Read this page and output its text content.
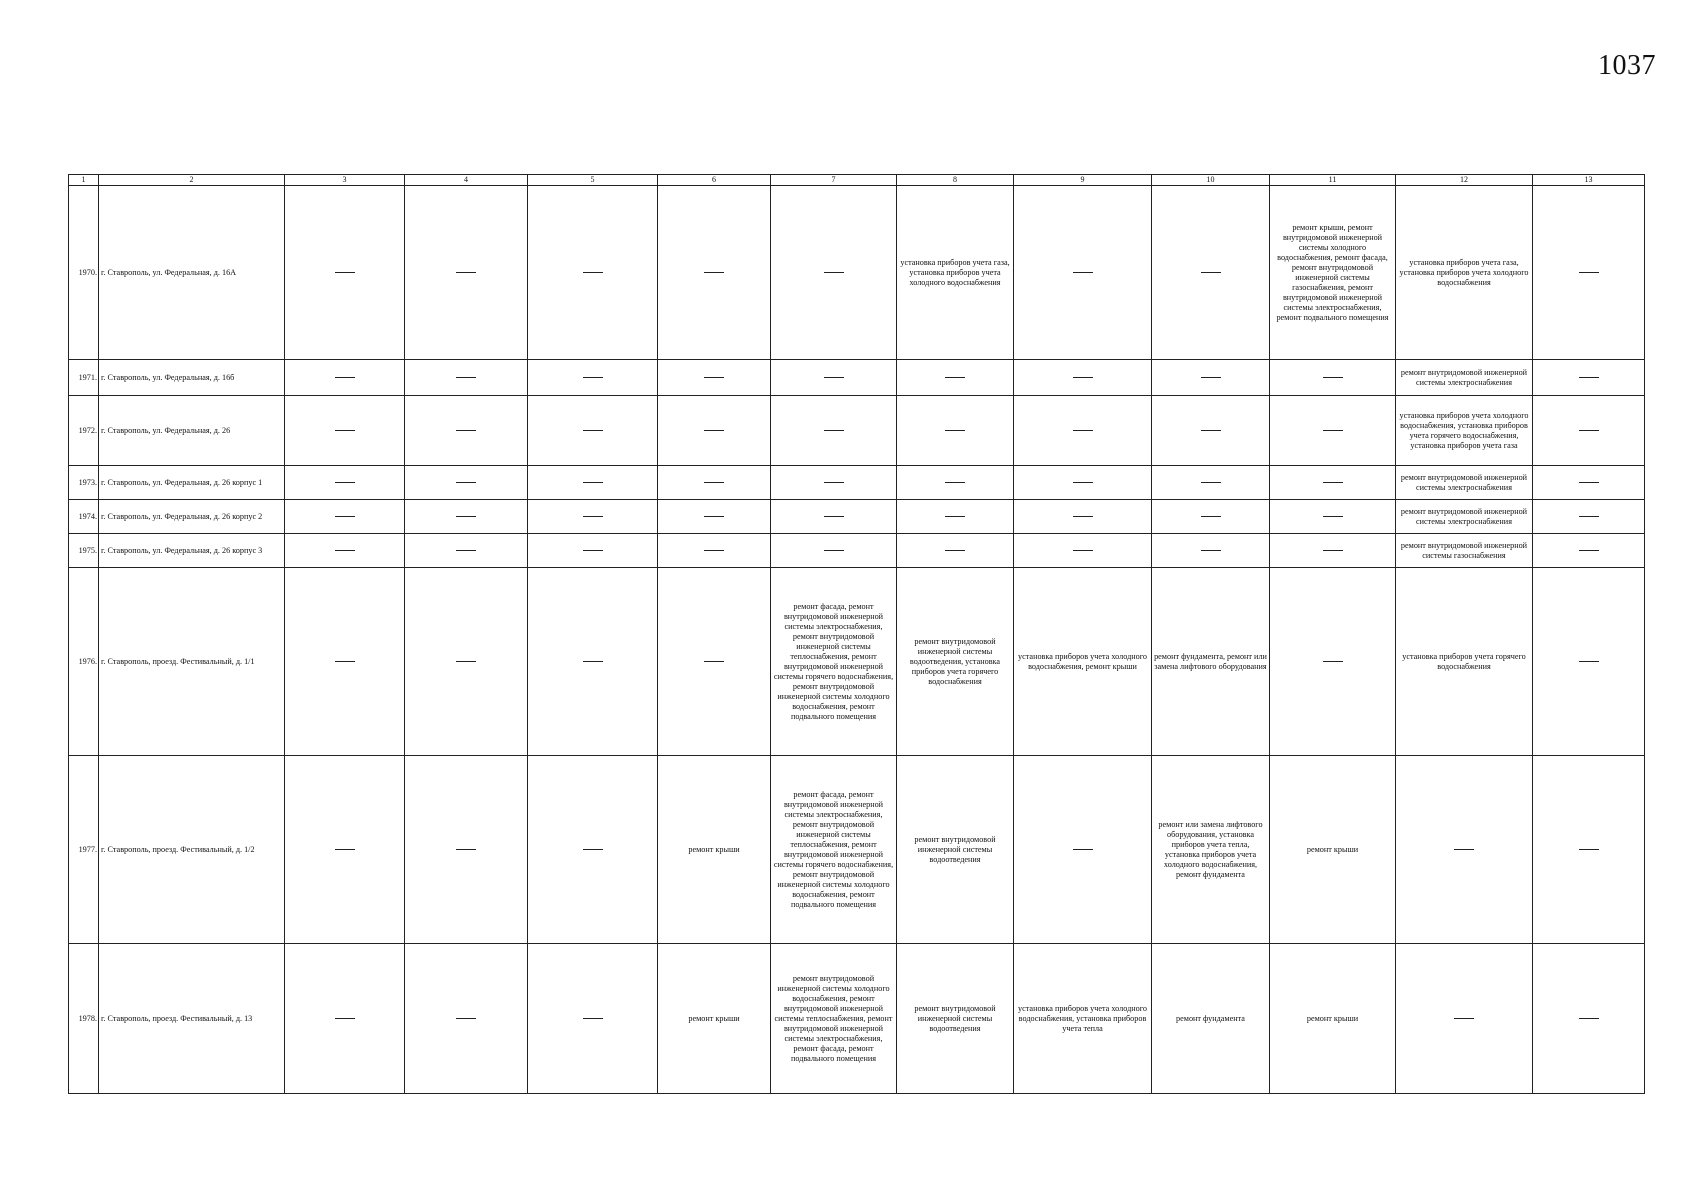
1037
1	2	3	4	5	6	7	8	9	10	11	12	13
1970.	г. Ставрополь, ул. Федеральная, д. 16А						установка приборов учета газа, установка приборов учета холодного водоснабжения			ремонт крыши, ремонт внутридомовой инженерной системы холодного водоснабжения, ремонт фасада, ремонт внутридомовой инженерной системы газоснабжения, ремонт внутридомовой инженерной системы электроснабжения, ремонт подвального помещения	установка приборов учета газа, установка приборов учета холодного водоснабжения	
1971.	г. Ставрополь, ул. Федеральная, д. 16б										ремонт внутридомовой инженерной системы электроснабжения	
1972.	г. Ставрополь, ул. Федеральная, д. 26										установка приборов учета холодного водоснабжения, установка приборов учета горячего водоснабжения, установка приборов учета газа	
1973.	г. Ставрополь, ул. Федеральная, д. 26 корпус 1										ремонт внутридомовой инженерной системы электроснабжения	
1974.	г. Ставрополь, ул. Федеральная, д. 26 корпус 2										ремонт внутридомовой инженерной системы электроснабжения	
1975.	г. Ставрополь, ул. Федеральная, д. 26 корпус 3										ремонт внутридомовой инженерной системы газоснабжения	
1976.	г. Ставрополь, проезд. Фестивальный, д. 1/1					ремонт фасада, ремонт внутридомовой инженерной системы электроснабжения, ремонт внутридомовой инженерной системы теплоснабжения, ремонт внутридомовой инженерной системы горячего водоснабжения, ремонт внутридомовой инженерной системы холодного водоснабжения, ремонт подвального помещения	ремонт внутридомовой инженерной системы водоотведения, установка приборов учета горячего водоснабжения	установка приборов учета холодного водоснабжения, ремонт крыши	ремонт фундамента, ремонт или замена лифтового оборудования		установка приборов учета горячего водоснабжения	
1977.	г. Ставрополь, проезд. Фестивальный, д. 1/2				ремонт крыши	ремонт фасада, ремонт внутридомовой инженерной системы электроснабжения, ремонт внутридомовой инженерной системы теплоснабжения, ремонт внутридомовой инженерной системы горячего водоснабжения, ремонт внутридомовой инженерной системы холодного водоснабжения, ремонт подвального помещения	ремонт внутридомовой инженерной системы водоотведения		ремонт или замена лифтового оборудования, установка приборов учета тепла, установка приборов учета холодного водоснабжения, ремонт фундамента	ремонт крыши		
1978.	г. Ставрополь, проезд. Фестивальный, д. 13				ремонт крыши	ремонт внутридомовой инженерной системы холодного водоснабжения, ремонт внутридомовой инженерной системы теплоснабжения, ремонт внутридомовой инженерной системы электроснабжения, ремонт фасада, ремонт подвального помещения	ремонт внутридомовой инженерной системы водоотведения	установка приборов учета холодного водоснабжения, установка приборов учета тепла	ремонт фундамента	ремонт крыши		
